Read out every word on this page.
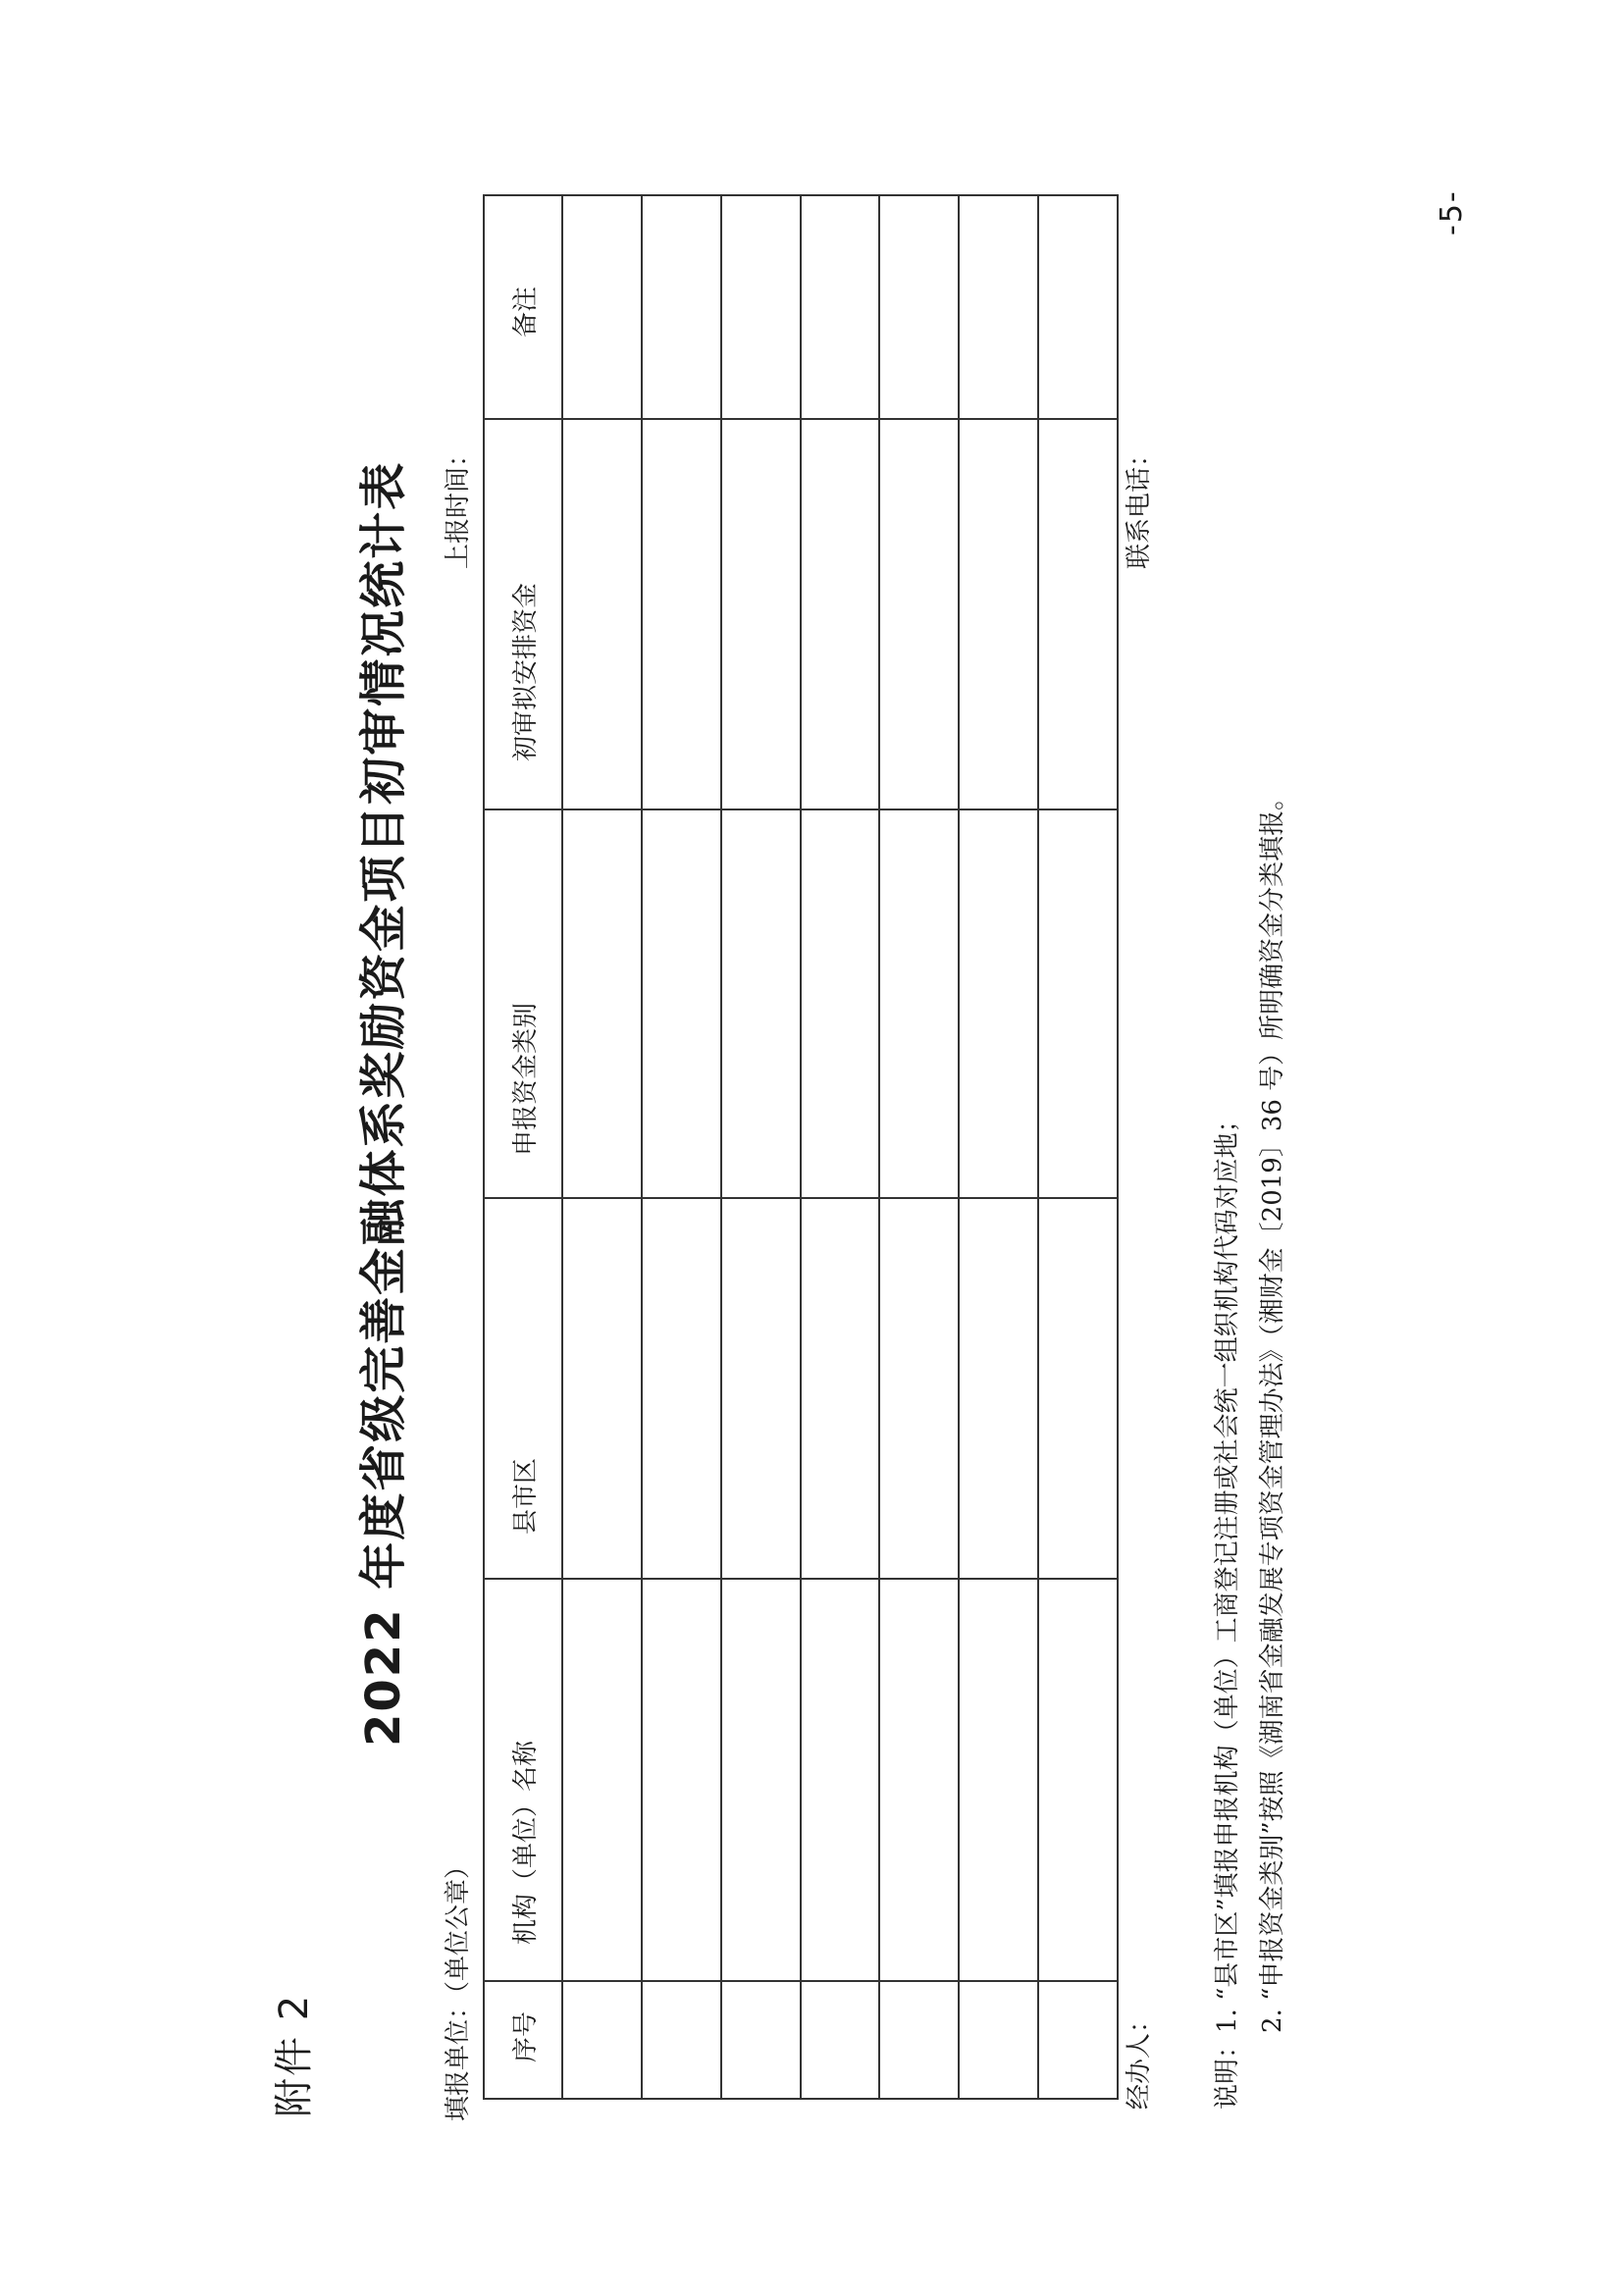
附件 2
2022 年度省级完善金融体系奖励资金项目初审情况统计表
填报单位：（单位公章）
上报时间：
序号	机构（单位）名称	县市区	申报资金类别	初审拟安排资金	备注

经办人：
联系电话：
说明：1. “县市区”填报申报机构（单位）工商登记注册或社会统一组织机构代码对应地； 2. “申报资金类别”按照《湖南省金融发展专项资金管理办法》（湘财金〔2019〕36 号）所明确资金分类填报。
-5-
